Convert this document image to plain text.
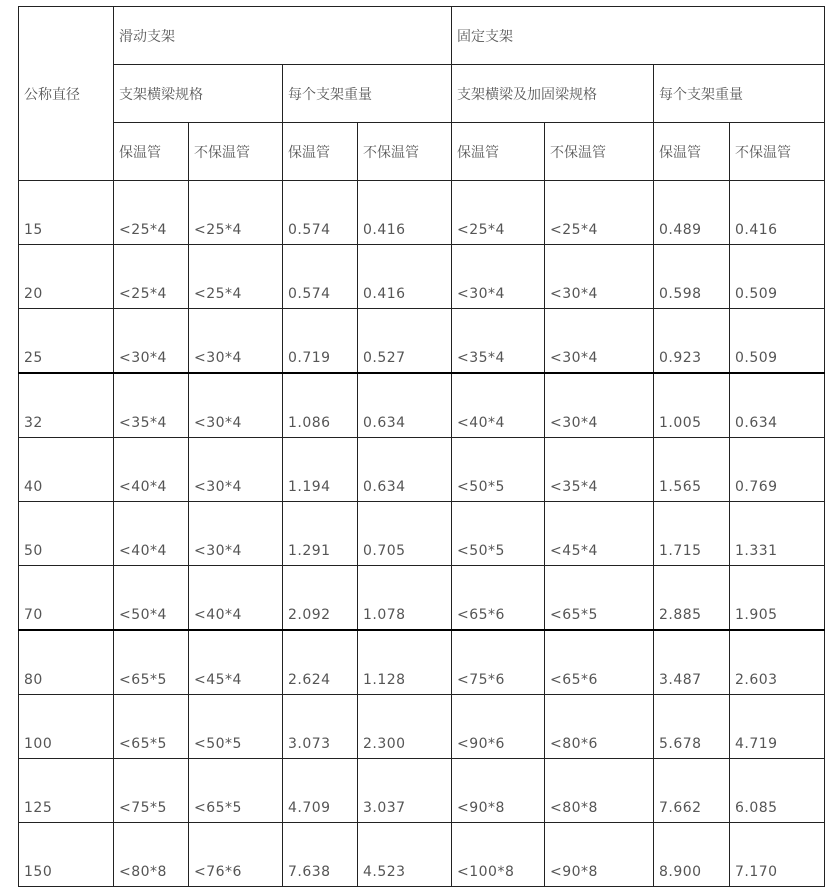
公称直径	滑动支架				固定支架			
	支架横梁规格		每个支架重量		支架横梁及加固梁规格		每个支架重量	
	保温管	不保温管	保温管	不保温管	保温管	不保温管	保温管	不保温管
15	<25*4	<25*4	0.574	0.416	<25*4	<25*4	0.489	0.416
20	<25*4	<25*4	0.574	0.416	<30*4	<30*4	0.598	0.509
25	<30*4	<30*4	0.719	0.527	<35*4	<30*4	0.923	0.509
32	<35*4	<30*4	1.086	0.634	<40*4	<30*4	1.005	0.634
40	<40*4	<30*4	1.194	0.634	<50*5	<35*4	1.565	0.769
50	<40*4	<30*4	1.291	0.705	<50*5	<45*4	1.715	1.331
70	<50*4	<40*4	2.092	1.078	<65*6	<65*5	2.885	1.905
80	<65*5	<45*4	2.624	1.128	<75*6	<65*6	3.487	2.603
100	<65*5	<50*5	3.073	2.300	<90*6	<80*6	5.678	4.719
125	<75*5	<65*5	4.709	3.037	<90*8	<80*8	7.662	6.085
150	<80*8	<76*6	7.638	4.523	<100*8	<90*8	8.900	7.170
